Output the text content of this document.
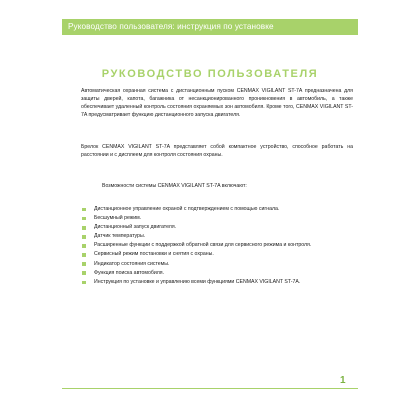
Руководство пользователя: инструкция по установке
РУКОВОДСТВО ПОЛЬЗОВАТЕЛЯ
Автоматическая охранная система с дистанционным пуском CENMAX VIGILANT ST-7A предназначена для защиты дверей, капота, багажника от несанкционированного проникновения в автомобиль, а также обеспечивает удаленный контроль состояния охраняемых зон автомобиля. Кроме того, CENMAX VIGILANT ST-7A предусматривает функцию дистанционного запуска двигателя.
Брелок CENMAX VIGILANT ST-7A представляет собой компактное устройство, способное работать на расстоянии и с дисплеем для контроля состояния охраны.
Возможности системы CENMAX VIGILANT ST-7A включают:
Дистанционное управление охраной с подтверждением с помощью сигнала.
Бесшумный режим.
Дистанционный запуск двигателя.
Датчик температуры.
Расширенные функции с поддержкой обратной связи для сервисного режима и контроля.
Сервисный режим постановки и снятия с охраны.
Индикатор состояния системы.
Функция поиска автомобиля.
Инструкция по установке и управлению всеми функциями CENMAX VIGILANT ST-7A.
1
